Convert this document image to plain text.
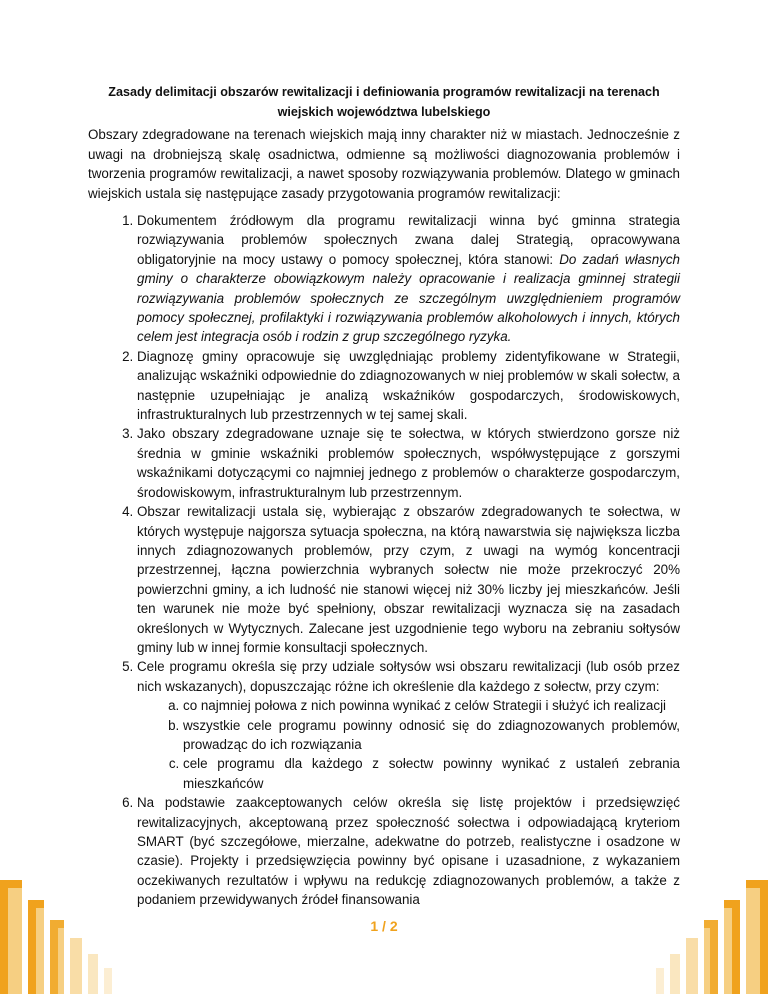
Zasady delimitacji obszarów rewitalizacji i definiowania programów rewitalizacji na terenach
wiejskich województwa lubelskiego
Obszary zdegradowane na terenach wiejskich mają inny charakter niż w miastach. Jednocześnie z uwagi na drobniejszą skalę osadnictwa, odmienne są możliwości diagnozowania problemów i tworzenia programów rewitalizacji, a nawet sposoby rozwiązywania problemów. Dlatego w gminach wiejskich ustala się następujące zasady przygotowania programów rewitalizacji:
1. Dokumentem źródłowym dla programu rewitalizacji winna być gminna strategia rozwiązywania problemów społecznych zwana dalej Strategią, opracowywana obligatoryjnie na mocy ustawy o pomocy społecznej, która stanowi: Do zadań własnych gminy o charakterze obowiązkowym należy opracowanie i realizacja gminnej strategii rozwiązywania problemów społecznych ze szczególnym uwzględnieniem programów pomocy społecznej, profilaktyki i rozwiązywania problemów alkoholowych i innych, których celem jest integracja osób i rodzin z grup szczególnego ryzyka.
2. Diagnozę gminy opracowuje się uwzględniając problemy zidentyfikowane w Strategii, analizując wskaźniki odpowiednie do zdiagnozowanych w niej problemów w skali sołectw, a następnie uzupełniając je analizą wskaźników gospodarczych, środowiskowych, infrastrukturalnych lub przestrzennych w tej samej skali.
3. Jako obszary zdegradowane uznaje się te sołectwa, w których stwierdzono gorsze niż średnia w gminie wskaźniki problemów społecznych, współwystępujące z gorszymi wskaźnikami dotyczącymi co najmniej jednego z problemów o charakterze gospodarczym, środowiskowym, infrastrukturalnym lub przestrzennym.
4. Obszar rewitalizacji ustala się, wybierając z obszarów zdegradowanych te sołectwa, w których występuje najgorsza sytuacja społeczna, na którą nawarstwia się największa liczba innych zdiagnozowanych problemów, przy czym, z uwagi na wymóg koncentracji przestrzennej, łączna powierzchnia wybranych sołectw nie może przekroczyć 20% powierzchni gminy, a ich ludność nie stanowi więcej niż 30% liczby jej mieszkańców. Jeśli ten warunek nie może być spełniony, obszar rewitalizacji wyznacza się na zasadach określonych w Wytycznych. Zalecane jest uzgodnienie tego wyboru na zebraniu sołtysów gminy lub w innej formie konsultacji społecznych.
5. Cele programu określa się przy udziale sołtysów wsi obszaru rewitalizacji (lub osób przez nich wskazanych), dopuszczając różne ich określenie dla każdego z sołectw, przy czym:
a. co najmniej połowa z nich powinna wynikać z celów Strategii i służyć ich realizacji
b. wszystkie cele programu powinny odnosić się do zdiagnozowanych problemów, prowadząc do ich rozwiązania
c. cele programu dla każdego z sołectw powinny wynikać z ustaleń zebrania mieszkańców
6. Na podstawie zaakceptowanych celów określa się listę projektów i przedsięwzięć rewitalizacyjnych, akceptowaną przez społeczność sołectwa i odpowiadającą kryteriom SMART (być szczegółowe, mierzalne, adekwatne do potrzeb, realistyczne i osadzone w czasie). Projekty i przedsięwzięcia powinny być opisane i uzasadnione, z wykazaniem oczekiwanych rezultatów i wpływu na redukcję zdiagnozowanych problemów, a także z podaniem przewidywanych źródeł finansowania
1 / 2
